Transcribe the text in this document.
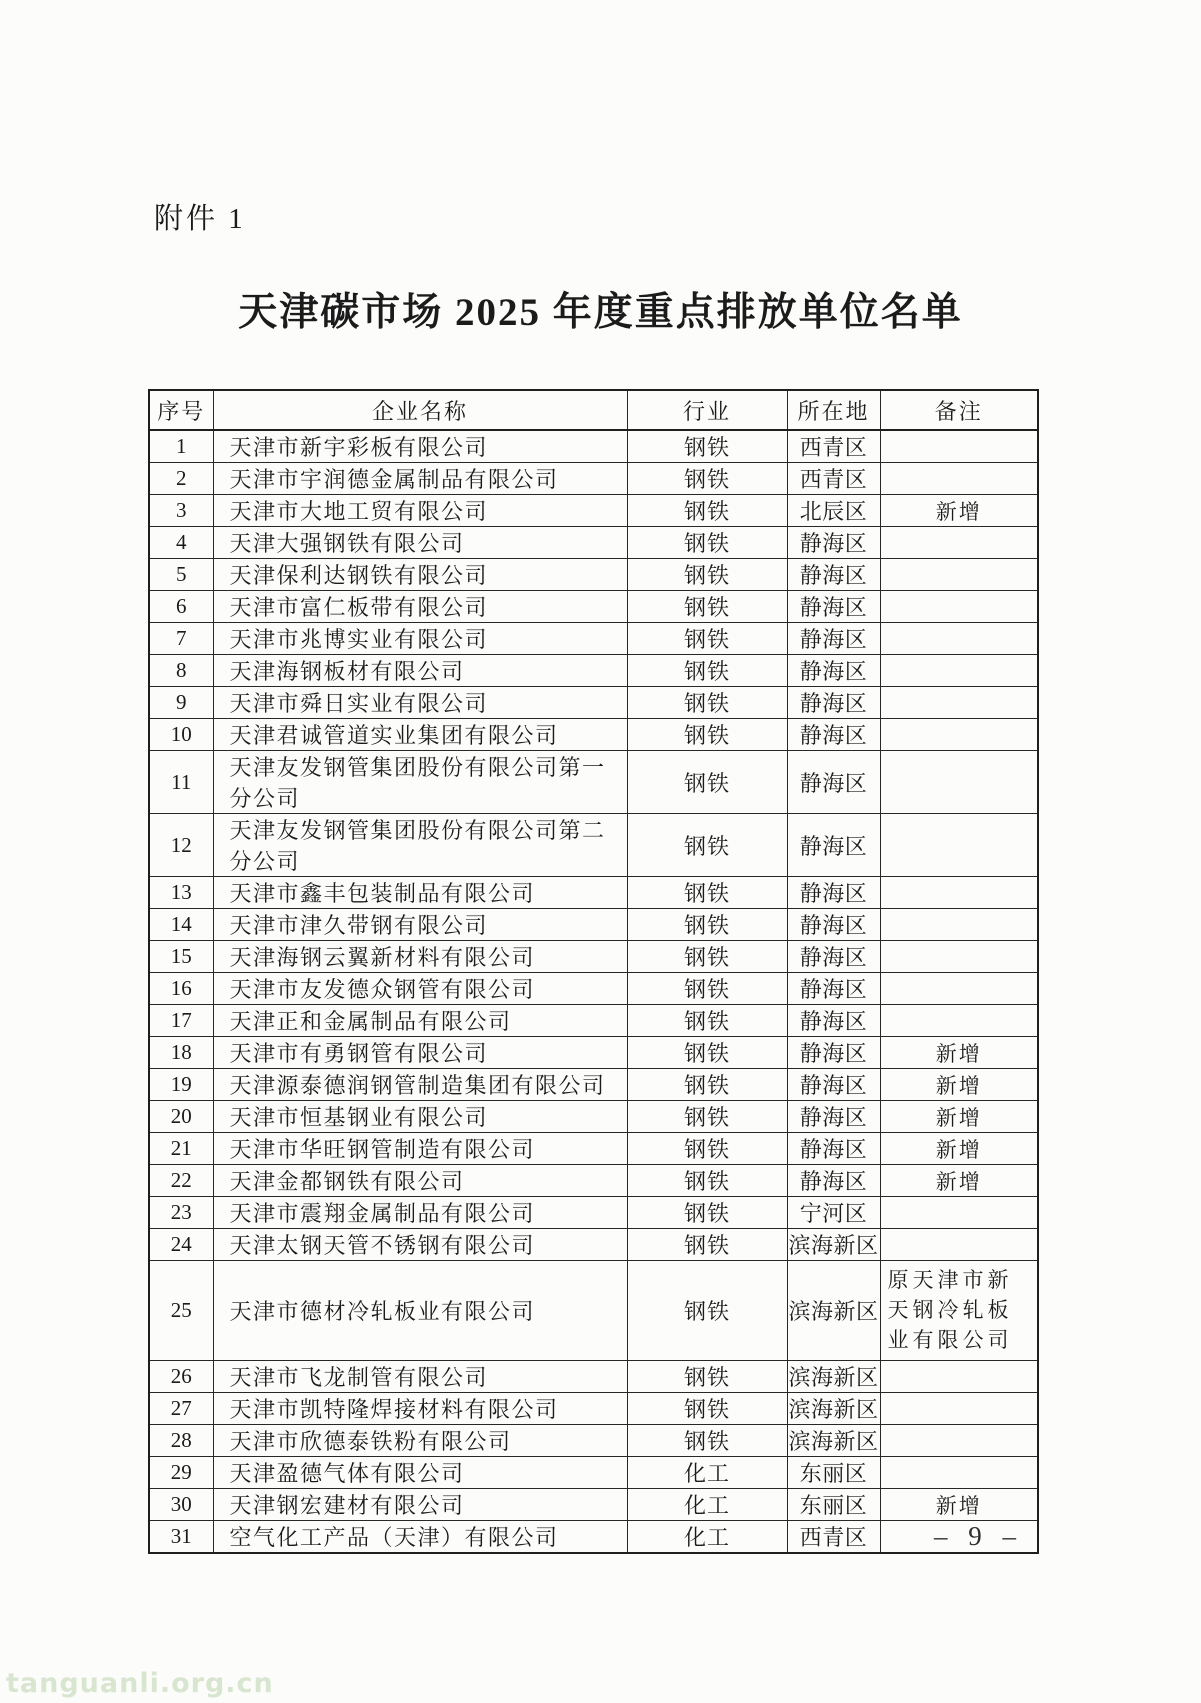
附件 1
天津碳市场 2025 年度重点排放单位名单
序号	企业名称	行业	所在地	备注
1	天津市新宇彩板有限公司	钢铁	西青区	
2	天津市宇润德金属制品有限公司	钢铁	西青区	
3	天津市大地工贸有限公司	钢铁	北辰区	新增
4	天津大强钢铁有限公司	钢铁	静海区	
5	天津保利达钢铁有限公司	钢铁	静海区	
6	天津市富仁板带有限公司	钢铁	静海区	
7	天津市兆博实业有限公司	钢铁	静海区	
8	天津海钢板材有限公司	钢铁	静海区	
9	天津市舜日实业有限公司	钢铁	静海区	
10	天津君诚管道实业集团有限公司	钢铁	静海区	
11	天津友发钢管集团股份有限公司第一分公司	钢铁	静海区	
12	天津友发钢管集团股份有限公司第二分公司	钢铁	静海区	
13	天津市鑫丰包装制品有限公司	钢铁	静海区	
14	天津市津久带钢有限公司	钢铁	静海区	
15	天津海钢云翼新材料有限公司	钢铁	静海区	
16	天津市友发德众钢管有限公司	钢铁	静海区	
17	天津正和金属制品有限公司	钢铁	静海区	
18	天津市有勇钢管有限公司	钢铁	静海区	新增
19	天津源泰德润钢管制造集团有限公司	钢铁	静海区	新增
20	天津市恒基钢业有限公司	钢铁	静海区	新增
21	天津市华旺钢管制造有限公司	钢铁	静海区	新增
22	天津金都钢铁有限公司	钢铁	静海区	新增
23	天津市震翔金属制品有限公司	钢铁	宁河区	
24	天津太钢天管不锈钢有限公司	钢铁	滨海新区	
25	天津市德材冷轧板业有限公司	钢铁	滨海新区	原天津市新天钢冷轧板业有限公司
26	天津市飞龙制管有限公司	钢铁	滨海新区	
27	天津市凯特隆焊接材料有限公司	钢铁	滨海新区	
28	天津市欣德泰铁粉有限公司	钢铁	滨海新区	
29	天津盈德气体有限公司	化工	东丽区	
30	天津钢宏建材有限公司	化工	东丽区	新增
31	空气化工产品（天津）有限公司	化工	西青区	– 9 –
tanguanli.org.cn
